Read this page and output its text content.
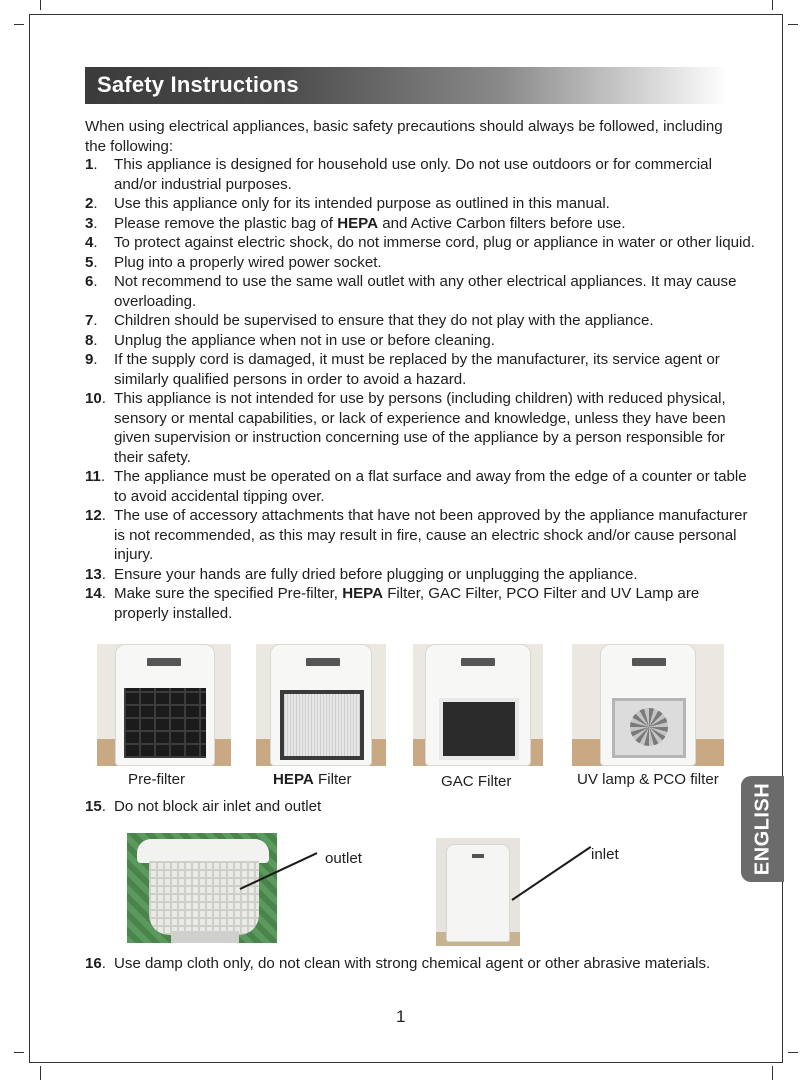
Safety Instructions

When using electrical appliances, basic safety precautions should always be followed, including the following:

1. This appliance is designed for household use only. Do not use outdoors or for commercial and/or industrial purposes.
2. Use this appliance only for its intended purpose as outlined in this manual.
3. Please remove the plastic bag of HEPA and Active Carbon filters before use.
4. To protect against electric shock, do not immerse cord, plug or appliance in water or other liquid.
5. Plug into a properly wired power socket.
6. Not recommend to use the same wall outlet with any other electrical appliances. It may cause overloading.
7. Children should be supervised to ensure that they do not play with the appliance.
8. Unplug the appliance when not in use or before cleaning.
9. If the supply cord is damaged, it must be replaced by the manufacturer, its service agent or similarly qualified persons in order to avoid a hazard.
10. This appliance is not intended for use by persons (including children) with reduced physical, sensory or mental capabilities, or lack of experience and knowledge, unless they have been given supervision or instruction concerning use of the appliance by a person responsible for their safety.
11. The appliance must be operated on a flat surface and away from the edge of a counter or table to avoid accidental tipping over.
12. The use of accessory attachments that have not been approved by the appliance manufacturer is not recommended, as this may result in fire, cause an electric shock and/or cause personal injury.
13. Ensure your hands are fully dried before plugging or unplugging the appliance.
14. Make sure the specified Pre-filter, HEPA Filter, GAC Filter, PCO Filter and UV Lamp are properly installed.
Pre-filter	HEPA Filter	GAC Filter	UV lamp & PCO filter
15. Do not block air inlet and outlet
outlet	inlet
16. Use damp cloth only, do not clean with strong chemical agent or other abrasive materials.
ENGLISH
1
